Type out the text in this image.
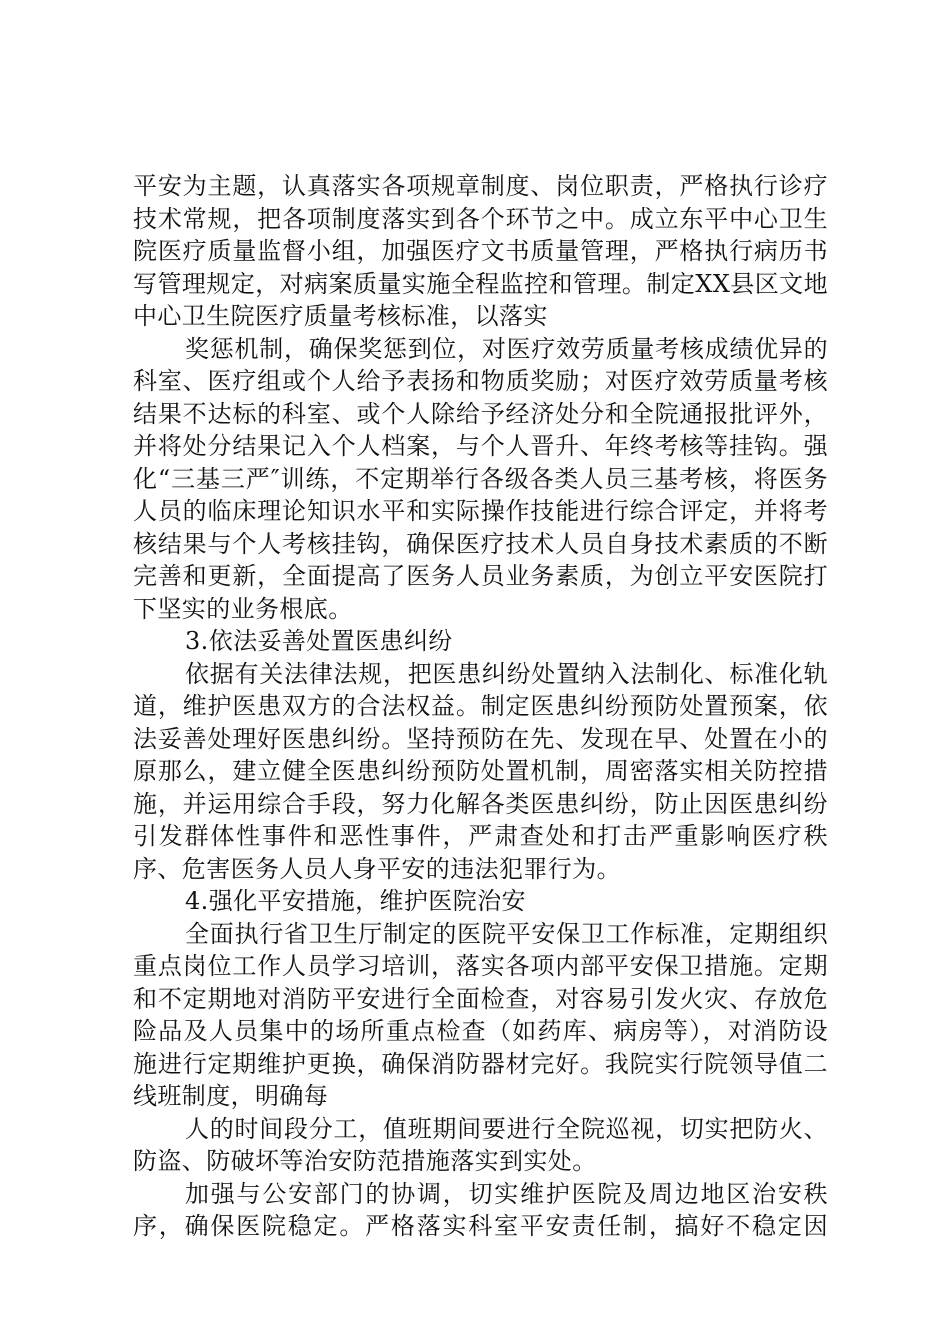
平安为主题，认真落实各项规章制度、岗位职责，严格执行诊疗技术常规，把各项制度落实到各个环节之中。成立东平中心卫生院医疗质量监督小组，加强医疗文书质量管理，严格执行病历书写管理规定，对病案质量实施全程监控和管理。制定XX县区文地中心卫生院医疗质量考核标准，以落实

奖惩机制，确保奖惩到位，对医疗效劳质量考核成绩优异的科室、医疗组或个人给予表扬和物质奖励；对医疗效劳质量考核结果不达标的科室、或个人除给予经济处分和全院通报批评外，并将处分结果记入个人档案，与个人晋升、年终考核等挂钩。强化“三基三严″训练，不定期举行各级各类人员三基考核，将医务人员的临床理论知识水平和实际操作技能进行综合评定，并将考核结果与个人考核挂钩，确保医疗技术人员自身技术素质的不断完善和更新，全面提高了医务人员业务素质，为创立平安医院打下坚实的业务根底。

3.依法妥善处置医患纠纷

依据有关法律法规，把医患纠纷处置纳入法制化、标准化轨道，维护医患双方的合法权益。制定医患纠纷预防处置预案，依法妥善处理好医患纠纷。坚持预防在先、发现在早、处置在小的原那么，建立健全医患纠纷预防处置机制，周密落实相关防控措施，并运用综合手段，努力化解各类医患纠纷，防止因医患纠纷引发群体性事件和恶性事件，严肃查处和打击严重影响医疗秩序、危害医务人员人身平安的违法犯罪行为。

4.强化平安措施，维护医院治安

全面执行省卫生厅制定的医院平安保卫工作标准，定期组织重点岗位工作人员学习培训，落实各项内部平安保卫措施。定期和不定期地对消防平安进行全面检查，对容易引发火灾、存放危险品及人员集中的场所重点检查（如药库、病房等），对消防设施进行定期维护更换，确保消防器材完好。我院实行院领导值二线班制度，明确每

人的时间段分工，值班期间要进行全院巡视，切实把防火、防盗、防破坏等治安防范措施落实到实处。

加强与公安部门的协调，切实维护医院及周边地区治安秩序，确保医院稳定。严格落实科室平安责任制，搞好不稳定因
